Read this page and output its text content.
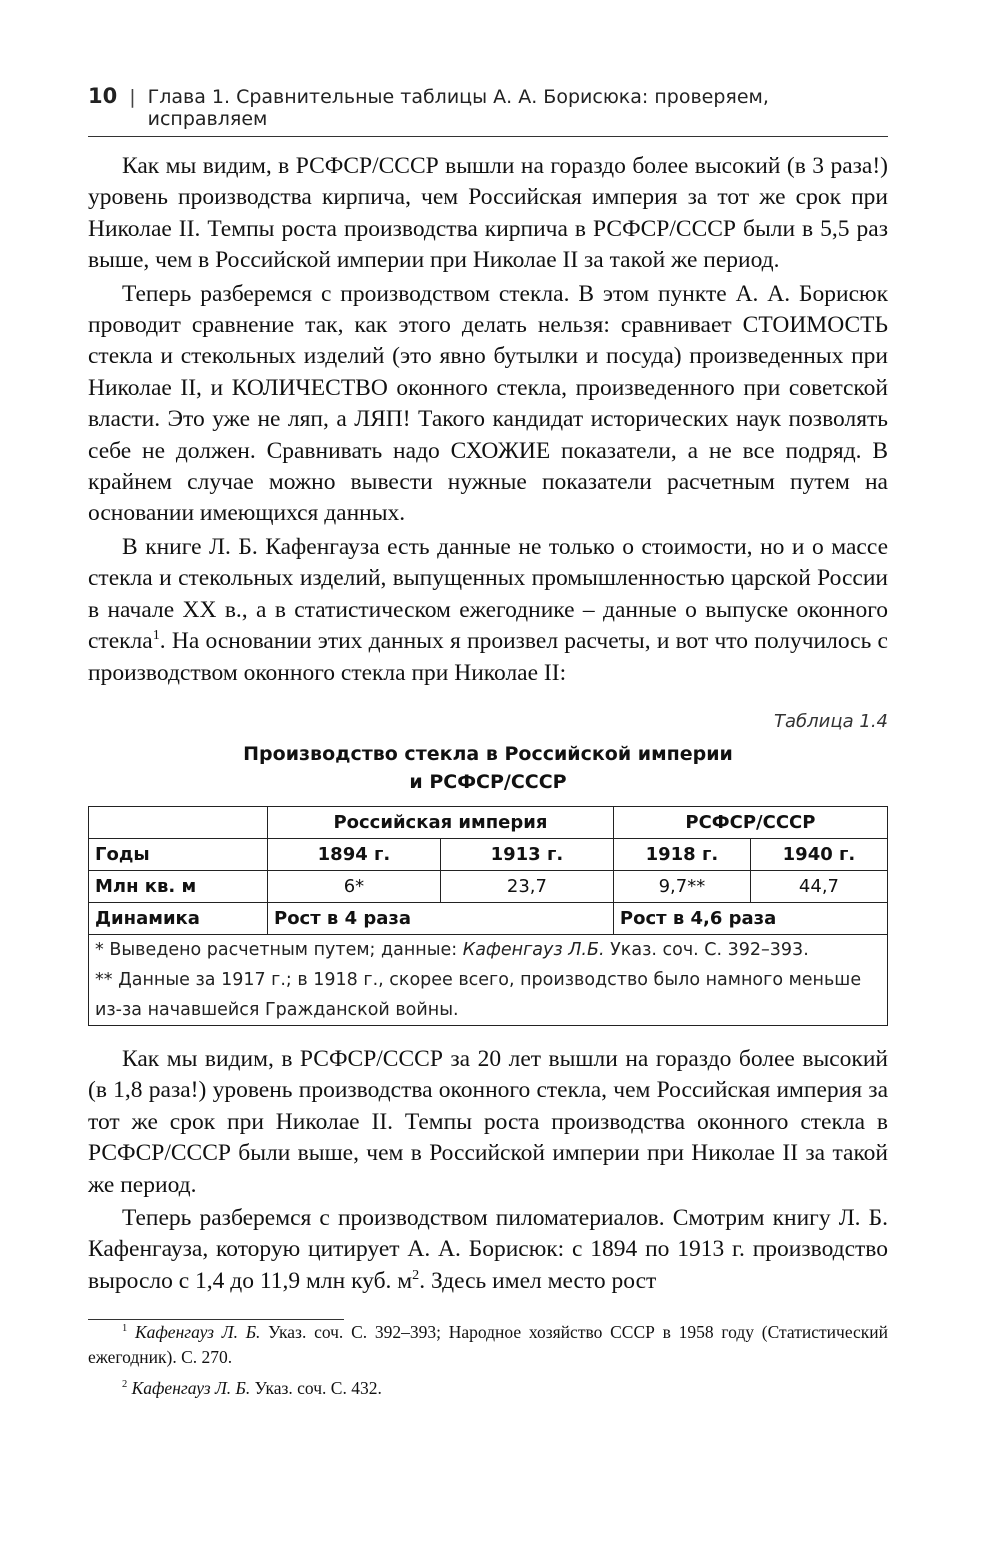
10 | Глава 1. Сравнительные таблицы А. А. Борисюка: проверяем, исправляем

Как мы видим, в РСФСР/СССР вышли на гораздо более высокий (в 3 раза!) уровень производства кирпича, чем Российская империя за тот же срок при Николае II. Темпы роста производства кирпича в РСФСР/СССР были в 5,5 раз выше, чем в Российской империи при Николае II за такой же период.

Теперь разберемся с производством стекла. В этом пункте А. А. Борисюк проводит сравнение так, как этого делать нельзя: сравнивает СТОИМОСТЬ стекла и стекольных изделий (это явно бутылки и посуда) произведенных при Николае II, и КОЛИЧЕСТВО оконного стекла, произведенного при советской власти. Это уже не ляп, а ЛЯП! Такого кандидат исторических наук позволять себе не должен. Сравнивать надо СХОЖИЕ показатели, а не все подряд. В крайнем случае можно вывести нужные показатели расчетным путем на основании имеющихся данных.

В книге Л. Б. Кафенгауза есть данные не только о стоимости, но и о массе стекла и стекольных изделий, выпущенных промышленностью царской России в начале XX в., а в статистическом ежегоднике – данные о выпуске оконного стекла$^1$. На основании этих данных я произвел расчеты, и вот что получилось с производством оконного стекла при Николае II:

Таблица 1.4
Производство стекла в Российской империи
и РСФСР/СССР
	Российская империя		РСФСР/СССР	
Годы	1894 г.	1913 г.	1918 г.	1940 г.
Млн кв. м	6*	23,7	9,7**	44,7
Динамика	Рост в 4 раза		Рост в 4,6 раза	

* Выведено расчетным путем; данные: Кафенгауз Л.Б. Указ. соч. С. 392–393.
** Данные за 1917 г.; в 1918 г., скорее всего, производство было намного меньше из-за начавшейся Гражданской войны.				

Как мы видим, в РСФСР/СССР за 20 лет вышли на гораздо более высокий (в 1,8 раза!) уровень производства оконного стекла, чем Российская империя за тот же срок при Николае II. Темпы роста производства оконного стекла в РСФСР/СССР были выше, чем в Российской империи при Николае II за такой же период.

Теперь разберемся с производством пиломатериалов. Смотрим книгу Л. Б. Кафенгауза, которую цитирует А. А. Борисюк: с 1894 по 1913 г. производство выросло с 1,4 до 11,9 млн куб. $м^2$. Здесь имел место рост

$^1$ Кафенгауз Л. Б. Указ. соч. С. 392–393; Народное хозяйство СССР в 1958 году (Статистический ежегодник). С. 270.

$^2$ Кафенгауз Л. Б. Указ. соч. С. 432.
